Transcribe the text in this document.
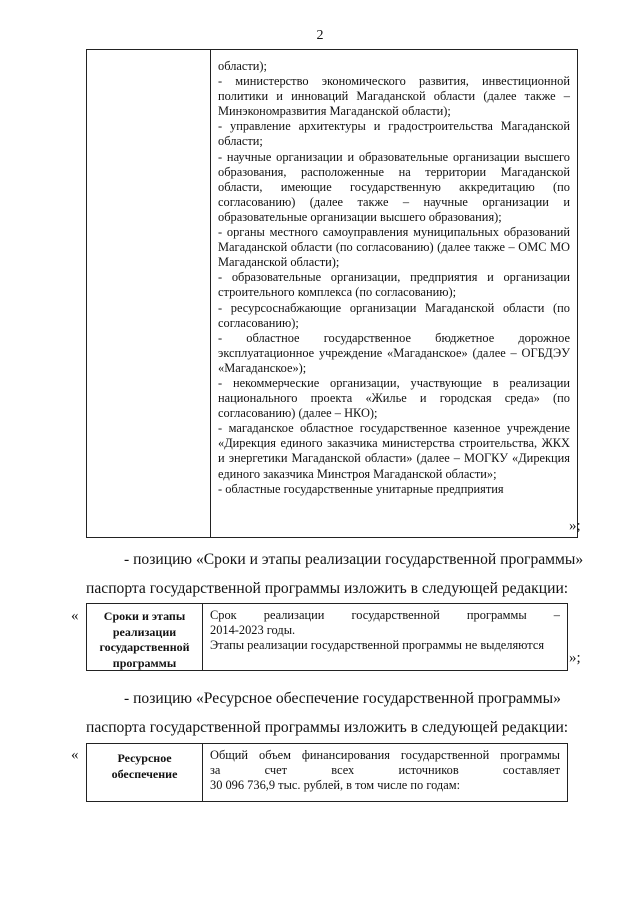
2

области);

- министерство экономического развития, инвестиционной политики и инноваций Магаданской области (далее также – Минэкономразвития Магаданской области);

- управление архитектуры и градостроительства Магаданской области;

- научные организации и образовательные организации высшего образования, расположенные на территории Магаданской области, имеющие государственную аккредитацию (по согласованию) (далее также – научные организации и образовательные организации высшего образования);

- органы местного самоуправления муниципальных образований Магаданской области (по согласованию) (далее также – ОМС МО Магаданской области);

- образовательные организации, предприятия и организации строительного комплекса (по согласованию);

- ресурсоснабжающие организации Магаданской области (по согласованию);

- областное государственное бюджетное дорожное эксплуатационное учреждение «Магаданское» (далее – ОГБДЭУ «Магаданское»);

- некоммерческие организации, участвующие в реализации национального проекта «Жилье и городская среда» (по согласованию) (далее – НКО);

- магаданское областное государственное казенное учреждение «Дирекция единого заказчика министерства строительства, ЖКХ и энергетики Магаданской области» (далее – МОГКУ «Дирекция единого заказчика Минстроя Магаданской области»;

- областные государственные унитарные предприятия

»;
- позицию «Сроки и этапы реализации государственной программы»
паспорта государственной программы изложить в следующей редакции:
«	Сроки и этапы реализации государственной программы

Срок реализации государственной программы –

2014-2023 годы.

Этапы реализации государственной программы не выделяются

»;
- позицию «Ресурсное обеспечение государственной программы»
паспорта государственной программы изложить в следующей редакции:
«	Ресурсное обеспечение

Общий объем финансирования государственной программы

за счет всех источников составляет

30 096 736,9 тыс. рублей, в том числе по годам:
